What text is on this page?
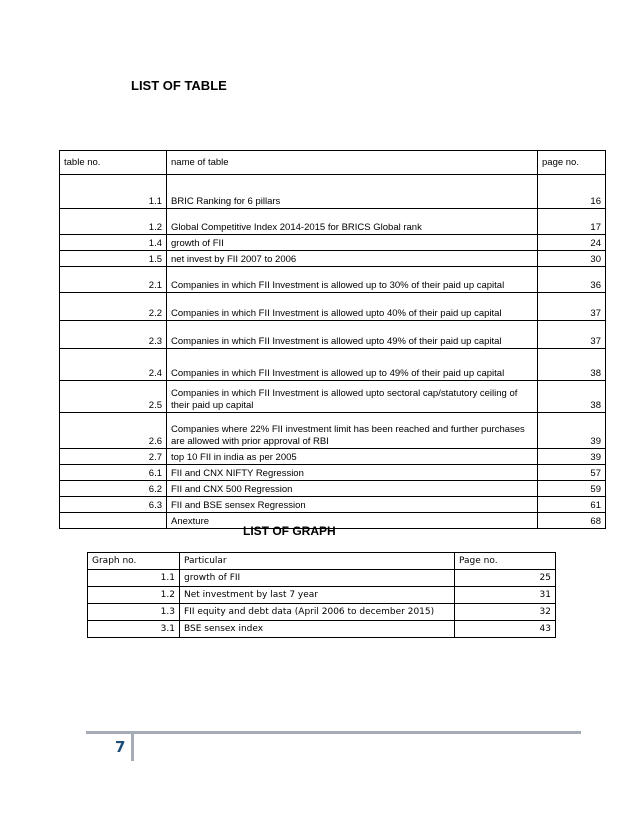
LIST OF TABLE
table no.	name of table	page no.
1.1	BRIC Ranking for 6 pillars	16
1.2	Global Competitive Index 2014-2015 for BRICS Global rank	17
1.4	growth of FII	24
1.5	net invest by FII 2007 to 2006	30
2.1	Companies in which FII Investment is allowed up to 30% of their paid up capital	36
2.2	Companies in which FII Investment is allowed upto 40% of their paid up capital	37
2.3	Companies in which FII Investment is allowed upto 49% of their paid up capital	37
2.4	Companies in which FII Investment is allowed up to 49% of their paid up capital	38
2.5	Companies in which FII Investment is allowed upto sectoral cap/statutory ceiling of their paid up capital	38
2.6	Companies where 22% FII investment limit has been reached and further purchases are allowed with prior approval of RBI	39
2.7	top 10 FII in india as per 2005	39
6.1	FII and CNX NIFTY Regression	57
6.2	FII and CNX 500 Regression	59
6.3	FII and BSE sensex Regression	61
	Anexture	68
LIST OF GRAPH
Graph no.	Particular	Page no.
1.1	growth of FII	25
1.2	Net investment by last 7 year	31
1.3	FII equity and debt data (April 2006 to december 2015)	32
3.1	BSE sensex index	43
7
